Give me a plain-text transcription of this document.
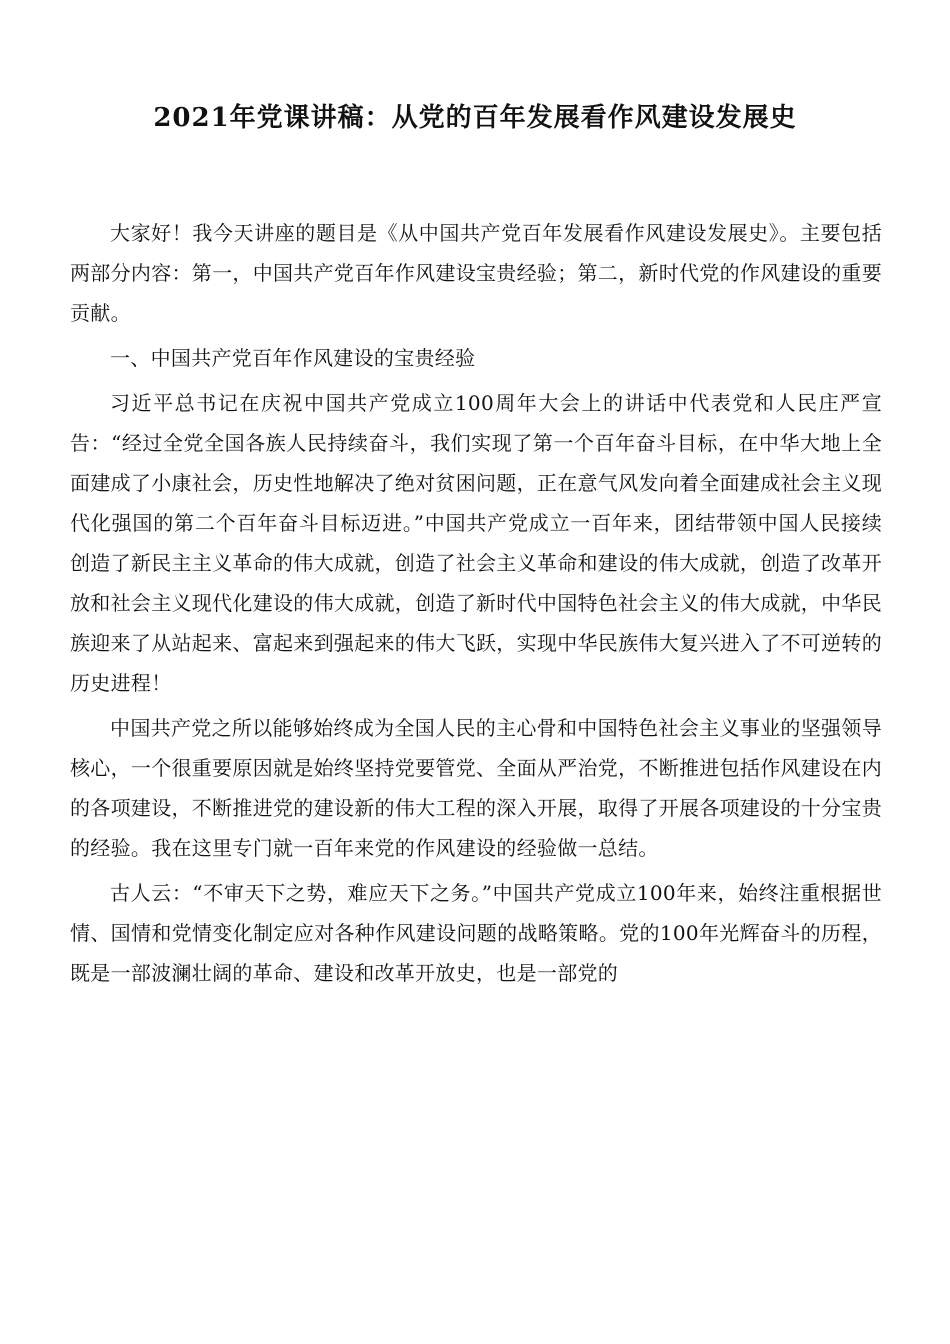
2021年党课讲稿：从党的百年发展看作风建设发展史

大家好！我今天讲座的题目是《从中国共产党百年发展看作风建设发展史》。主要包括两部分内容：第一，中国共产党百年作风建设宝贵经验；第二，新时代党的作风建设的重要贡献。

一、中国共产党百年作风建设的宝贵经验

习近平总书记在庆祝中国共产党成立100周年大会上的讲话中代表党和人民庄严宣告：“经过全党全国各族人民持续奋斗，我们实现了第一个百年奋斗目标，在中华大地上全面建成了小康社会，历史性地解决了绝对贫困问题，正在意气风发向着全面建成社会主义现代化强国的第二个百年奋斗目标迈进。”中国共产党成立一百年来，团结带领中国人民接续创造了新民主主义革命的伟大成就，创造了社会主义革命和建设的伟大成就，创造了改革开放和社会主义现代化建设的伟大成就，创造了新时代中国特色社会主义的伟大成就，中华民族迎来了从站起来、富起来到强起来的伟大飞跃，实现中华民族伟大复兴进入了不可逆转的历史进程！

中国共产党之所以能够始终成为全国人民的主心骨和中国特色社会主义事业的坚强领导核心，一个很重要原因就是始终坚持党要管党、全面从严治党，不断推进包括作风建设在内的各项建设，不断推进党的建设新的伟大工程的深入开展，取得了开展各项建设的十分宝贵的经验。我在这里专门就一百年来党的作风建设的经验做一总结。

古人云：“不审天下之势，难应天下之务。”中国共产党成立100年来，始终注重根据世情、国情和党情变化制定应对各种作风建设问题的战略策略。党的100年光辉奋斗的历程，既是一部波澜壮阔的革命、建设和改革开放史，也是一部党的
